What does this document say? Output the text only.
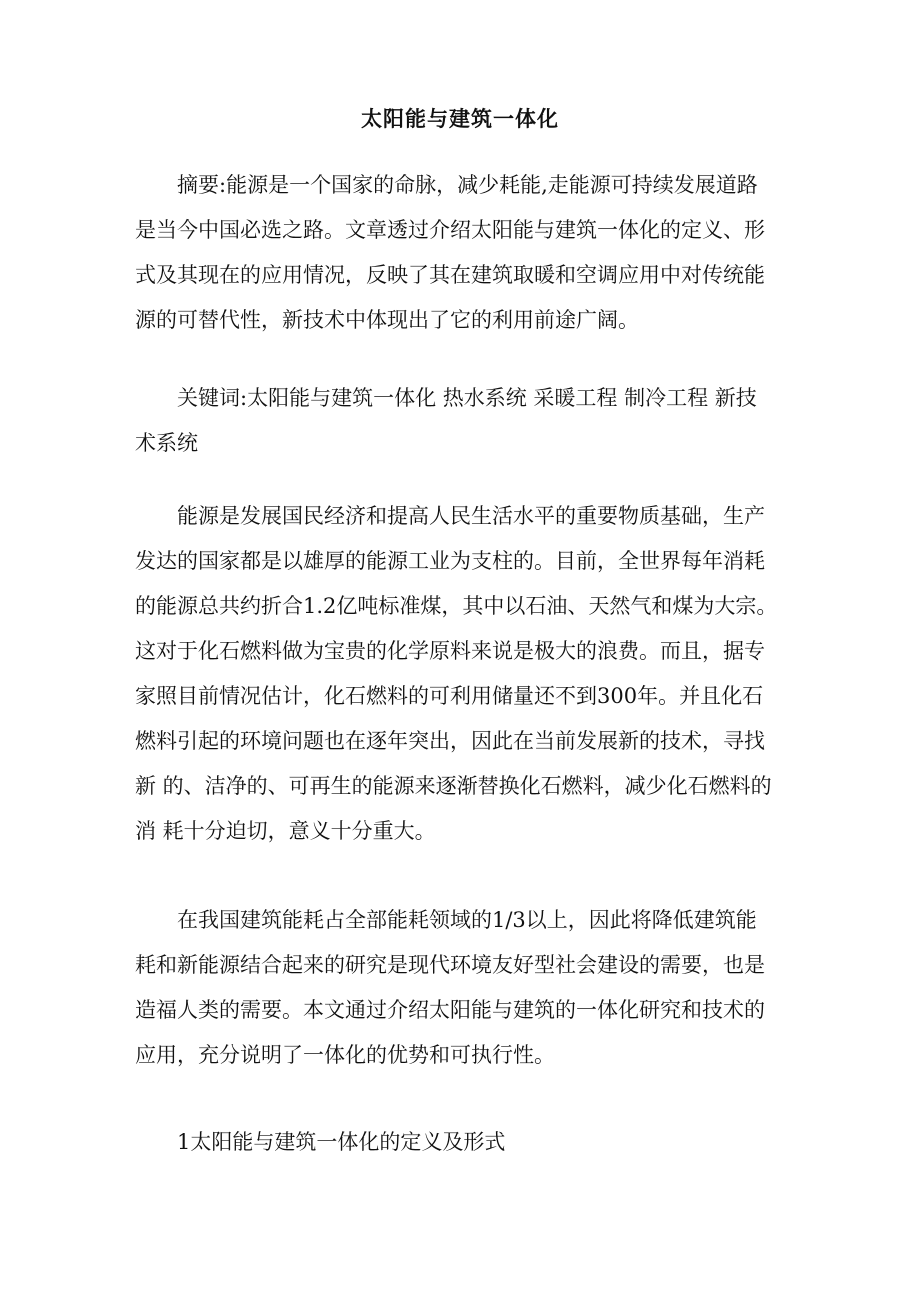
太阳能与建筑一体化
摘要:能源是一个国家的命脉，减少耗能,走能源可持续发展道路
是当今中国必选之路。文章透过介绍太阳能与建筑一体化的定义、形
式及其现在的应用情况，反映了其在建筑取暖和空调应用中对传统能
源的可替代性，新技术中体现出了它的利用前途广阔。
关键词:太阳能与建筑一体化 热水系统 采暖工程 制冷工程 新技
术系统
能源是发展国民经济和提高人民生活水平的重要物质基础，生产
发达的国家都是以雄厚的能源工业为支柱的。目前，全世界每年消耗
的能源总共约折合1.2亿吨标准煤，其中以石油、天然气和煤为大宗。
这对于化石燃料做为宝贵的化学原料来说是极大的浪费。而且，据专
家照目前情况估计，化石燃料的可利用储量还不到300年。并且化石
燃料引起的环境问题也在逐年突出，因此在当前发展新的技术，寻找
新 的、洁净的、可再生的能源来逐渐替换化石燃料，减少化石燃料的
消 耗十分迫切，意义十分重大。
在我国建筑能耗占全部能耗领域的1/3以上，因此将降低建筑能
耗和新能源结合起来的研究是现代环境友好型社会建设的需要，也是
造福人类的需要。本文通过介绍太阳能与建筑的一体化研究和技术的
应用，充分说明了一体化的优势和可执行性。
1太阳能与建筑一体化的定义及形式
